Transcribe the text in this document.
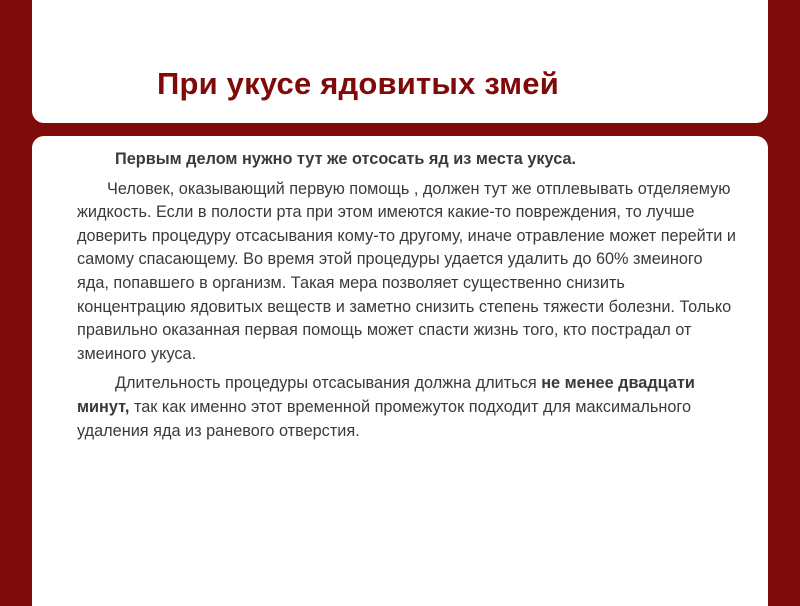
При укусе ядовитых змей

Первым делом нужно тут же отсосать яд из места укуса.

Человек, оказывающий первую помощь , должен тут же отплевывать отделяемую жидкость. Если в полости рта при этом имеются какие-то повреждения, то лучше доверить процедуру отсасывания кому-то другому, иначе отравление может перейти и самому спасающему. Во время этой процедуры удается удалить до 60% змеиного яда, попавшего в организм. Такая мера позволяет существенно снизить концентрацию ядовитых веществ и заметно снизить степень тяжести болезни. Только правильно оказанная первая помощь может спасти жизнь того, кто пострадал от змеиного укуса.

Длительность процедуры отсасывания должна длиться не менее двадцати минут, так как именно этот временной промежуток подходит для максимального удаления яда из раневого отверстия.
